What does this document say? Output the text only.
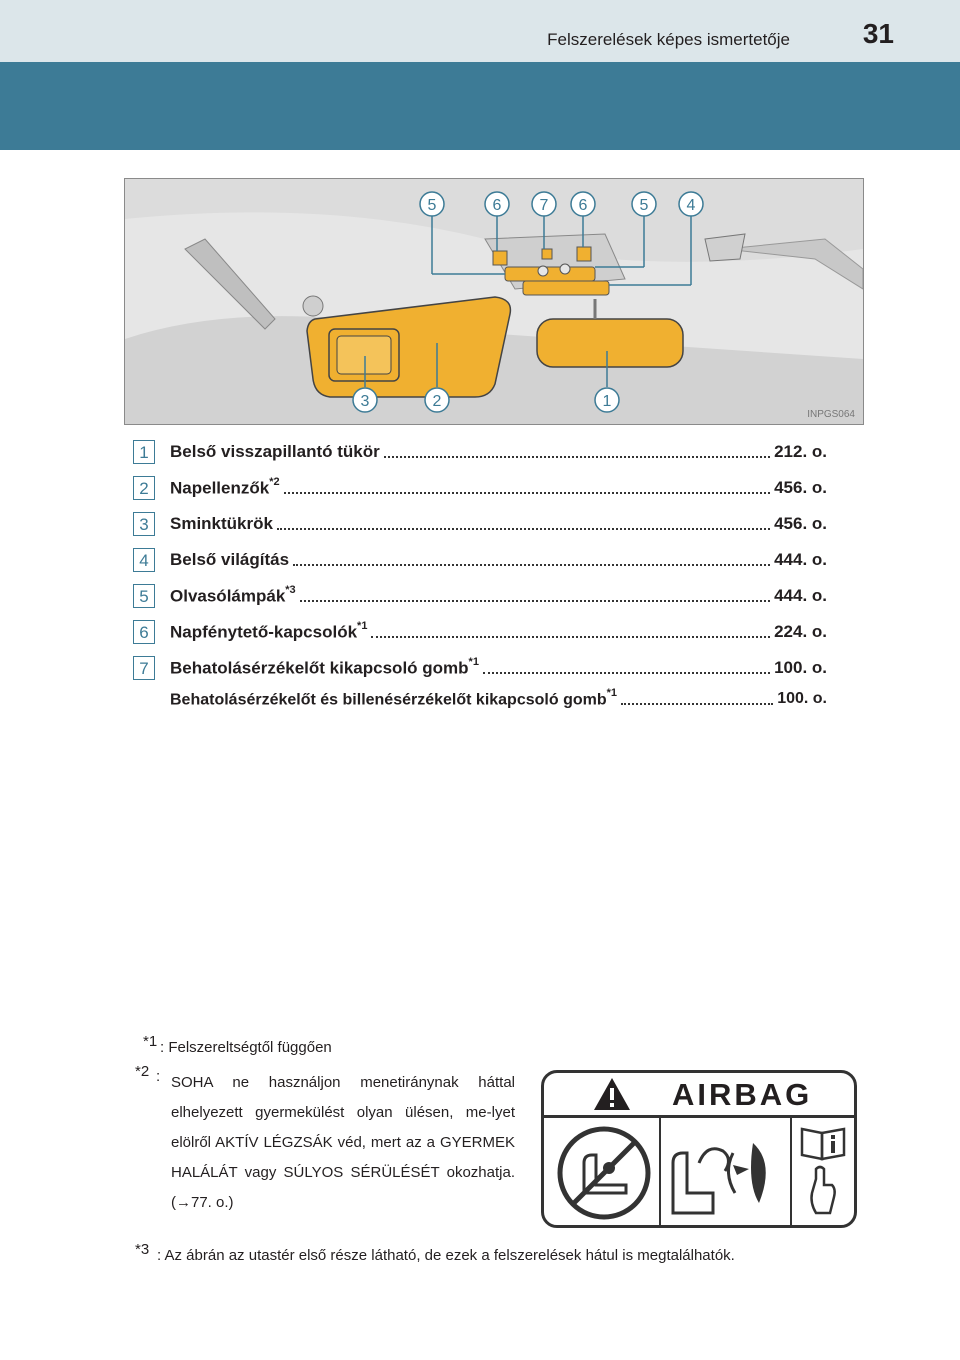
Felszerelések képes ismertetője	31
5	6 7 6	5 4
3	2	1
INPGS064
1	Belső visszapillantó tükör	212. o.
2	Napellenzők$^{*2}$	456. o.
3	Sminktükrök	456. o.
4	Belső világítás	444. o.
5	Olvasólámpák$^{*3}$	444. o.
6	Napfénytető-kapcsolók$^{*1}$	224. o.
7	Behatolásérzékelőt kikapcsoló gomb$^{*1}$	100. o.
Behatolásérzékelőt és billenésérzékelőt kikapcsoló gomb$^{*1}$	100. o.
*1 : Felszereltségtől függően
*2 : SOHA ne használjon menetiránynak háttal elhelyezett gyermekülést olyan ülésen, me-lyet elölről AKTÍV LÉGZSÁK véd, mert az a GYERMEK HALÁLÁT vagy SÚLYOS SÉRÜLÉSÉT okozhatja. (→77. o.)
AIRBAG
*3 : Az ábrán az utastér első része látható, de ezek a felszerelések hátul is megtalálhatók.
